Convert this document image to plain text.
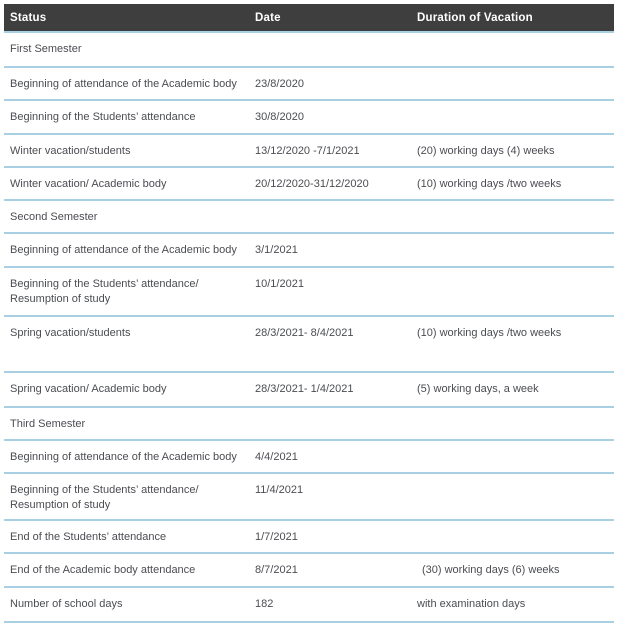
Status	Date	Duration of Vacation

First Semester		

Beginning of attendance of the Academic body	23/8/2020	

Beginning of the Students’ attendance	30/8/2020	

Winter vacation/students	13/12/2020 -7/1/2021	(20) working days (4) weeks

Winter vacation/ Academic body	20/12/2020-31/12/2020	(10) working days /two weeks

Second Semester		

Beginning of attendance of the Academic body	3/1/2021	

Beginning of the Students’ attendance/
Resumption of study	10/1/2021	

Spring vacation/students	28/3/2021- 8/4/2021	(10) working days /two weeks

Spring vacation/ Academic body	28/3/2021- 1/4/2021	(5) working days, a week

Third Semester		

Beginning of attendance of the Academic body	4/4/2021	

Beginning of the Students’ attendance/
Resumption of study	11/4/2021	

End of the Students’ attendance	1/7/2021	

End of the Academic body attendance	8/7/2021	(30) working days (6) weeks

Number of school days	182	with examination days
